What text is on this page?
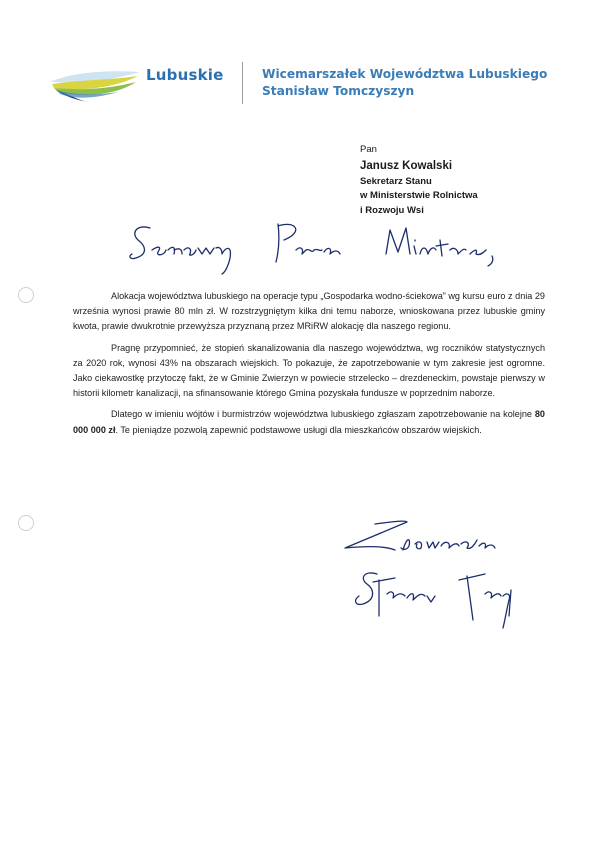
Lubuskie	Wicemarszałek Województwa Lubuskiego
Stanisław Tomczyszyn
Pan
Janusz Kowalski
Sekretarz Stanu
w Ministerstwie Rolnictwa
i Rozwoju Wsi

Alokacja województwa lubuskiego na operacje typu „Gospodarka wodno-ściekowa” wg kursu euro z dnia 29 września wynosi prawie 80 mln zł. W rozstrzygniętym kilka dni temu naborze, wnioskowana przez lubuskie gminy kwota, prawie dwukrotnie przewyższa przyznaną przez MRiRW alokację dla naszego regionu.

Pragnę przypomnieć, że stopień skanalizowania dla naszego województwa, wg roczników statystycznych za 2020 rok, wynosi 43% na obszarach wiejskich. To pokazuje, że zapotrzebowanie w tym zakresie jest ogromne. Jako ciekawostkę przytoczę fakt, że w Gminie Zwierzyn w powiecie strzelecko – drezdeneckim, powstaje pierwszy w historii kilometr kanalizacji, na sfinansowanie którego Gmina pozyskała fundusze w poprzednim naborze.

Dlatego w imieniu wójtów i burmistrzów województwa lubuskiego zgłaszam zapotrzebowanie na kolejne 80 000 000 zł. Te pieniądze pozwolą zapewnić podstawowe usługi dla mieszkańców obszarów wiejskich.
